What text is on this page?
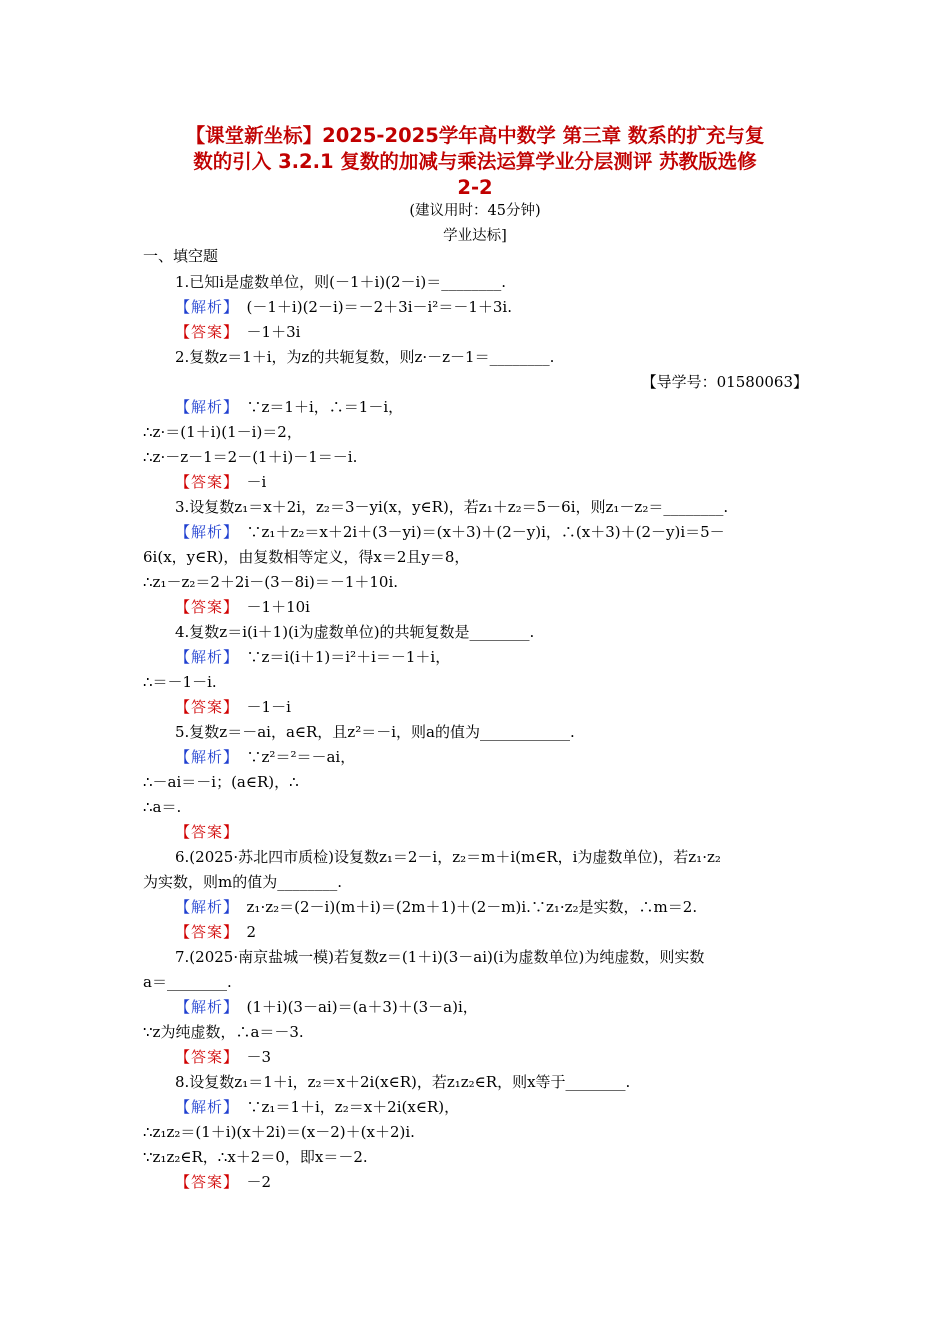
【课堂新坐标】2025-2025学年高中数学 第三章 数系的扩充与复
数的引入 3.2.1 复数的加减与乘法运算学业分层测评 苏教版选修
2-2
(建议用时：45分钟)
学业达标]
一、填空题
1.已知i是虚数单位，则(－1＋i)(2－i)＝________.
【解析】　 (－1＋i)(2－i)＝－2＋3i－i²＝－1＋3i.
【答案】　 －1＋3i
2.复数z＝1＋i，为z的共轭复数，则z·－z－1＝________.
【导学号：01580063】
【解析】　 ∵z＝1＋i，∴＝1－i，
∴z·＝(1＋i)(1－i)＝2，
∴z·－z－1＝2－(1＋i)－1＝－i.
【答案】　 －i
3.设复数z₁＝x＋2i，z₂＝3－yi(x，y∈R)，若z₁＋z₂＝5－6i，则z₁－z₂＝________.
【解析】　 ∵z₁＋z₂＝x＋2i＋(3－yi)＝(x＋3)＋(2－y)i，∴(x＋3)＋(2－y)i＝5－
6i(x，y∈R)，由复数相等定义，得x＝2且y＝8，
∴z₁－z₂＝2＋2i－(3－8i)＝－1＋10i.
【答案】　 －1＋10i
4.复数z＝i(i＋1)(i为虚数单位)的共轭复数是________.
【解析】　 ∵z＝i(i＋1)＝i²＋i＝－1＋i，
∴＝－1－i.
【答案】　 －1－i
5.复数z＝－ai，a∈R，且z²＝－i，则a的值为____________.
【解析】　 ∵z²＝²＝－ai，
∴－ai＝－i；(a∈R)，∴
∴a＝.
【答案】　
6.(2025·苏北四市质检)设复数z₁＝2－i，z₂＝m＋i(m∈R，i为虚数单位)，若z₁·z₂
为实数，则m的值为________.
【解析】　 z₁·z₂＝(2－i)(m＋i)＝(2m＋1)＋(2－m)i.∵z₁·z₂是实数，∴m＝2.
【答案】　 2
7.(2025·南京盐城一模)若复数z＝(1＋i)(3－ai)(i为虚数单位)为纯虚数，则实数
a＝________.
【解析】　 (1＋i)(3－ai)＝(a＋3)＋(3－a)i，
∵z为纯虚数，∴a＝－3.
【答案】　 －3
8.设复数z₁＝1＋i，z₂＝x＋2i(x∈R)，若z₁z₂∈R，则x等于________.
【解析】　 ∵z₁＝1＋i，z₂＝x＋2i(x∈R)，
∴z₁z₂＝(1＋i)(x＋2i)＝(x－2)＋(x＋2)i.
∵z₁z₂∈R，∴x＋2＝0，即x＝－2.
【答案】　 －2
